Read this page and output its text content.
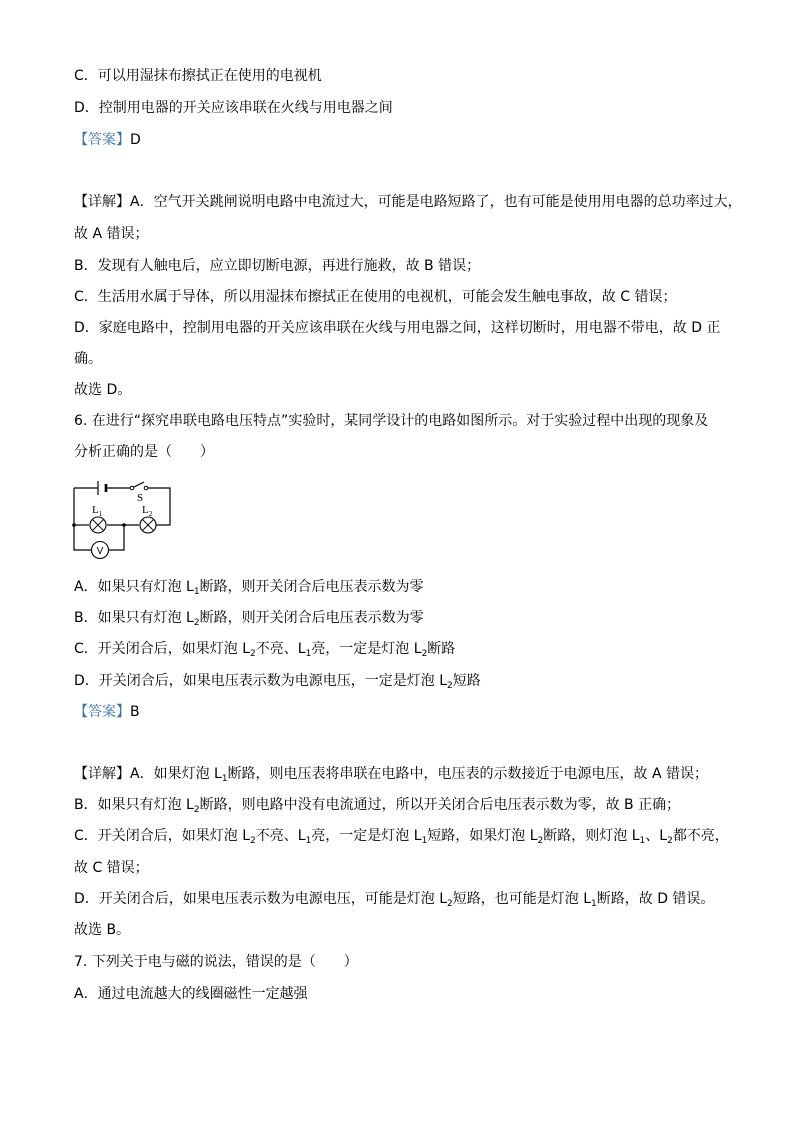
C．可以用湿抹布擦拭正在使用的电视机
D．控制用电器的开关应该串联在火线与用电器之间
【答案】D
【详解】A．空气开关跳闸说明电路中电流过大，可能是电路短路了，也有可能是使用用电器的总功率过大，
故 A 错误；
B．发现有人触电后，应立即切断电源，再进行施救，故 B 错误；
C．生活用水属于导体，所以用湿抹布擦拭正在使用的电视机，可能会发生触电事故，故 C 错误；
D．家庭电路中，控制用电器的开关应该串联在火线与用电器之间，这样切断时，用电器不带电，故 D 正
确。
故选 D。
6. 在进行“探究串联电路电压特点”实验时，某同学设计的电路如图所示。对于实验过程中出现的现象及
分析正确的是（　　）
S
$L_1$	$L_2$
V
A．如果只有灯泡 $L_1$断路，则开关闭合后电压表示数为零
B．如果只有灯泡 $L_2$断路，则开关闭合后电压表示数为零
C．开关闭合后，如果灯泡 $L_2$不亮、$L_1$亮，一定是灯泡 $L_2$断路
D．开关闭合后，如果电压表示数为电源电压，一定是灯泡 $L_2$短路
【答案】B
【详解】A．如果灯泡 $L_1$断路，则电压表将串联在电路中，电压表的示数接近于电源电压，故 A 错误；
B．如果只有灯泡 $L_2$断路，则电路中没有电流通过，所以开关闭合后电压表示数为零，故 B 正确；
C．开关闭合后，如果灯泡 $L_2$不亮、$L_1$亮，一定是灯泡 $L_1$短路，如果灯泡 $L_2$断路，则灯泡 $L_1$、$L_2$都不亮，
故 C 错误；
D．开关闭合后，如果电压表示数为电源电压，可能是灯泡 $L_2$短路，也可能是灯泡 $L_1$断路，故 D 错误。
故选 B。
7. 下列关于电与磁的说法，错误的是（　　）
A．通过电流越大的线圈磁性一定越强
